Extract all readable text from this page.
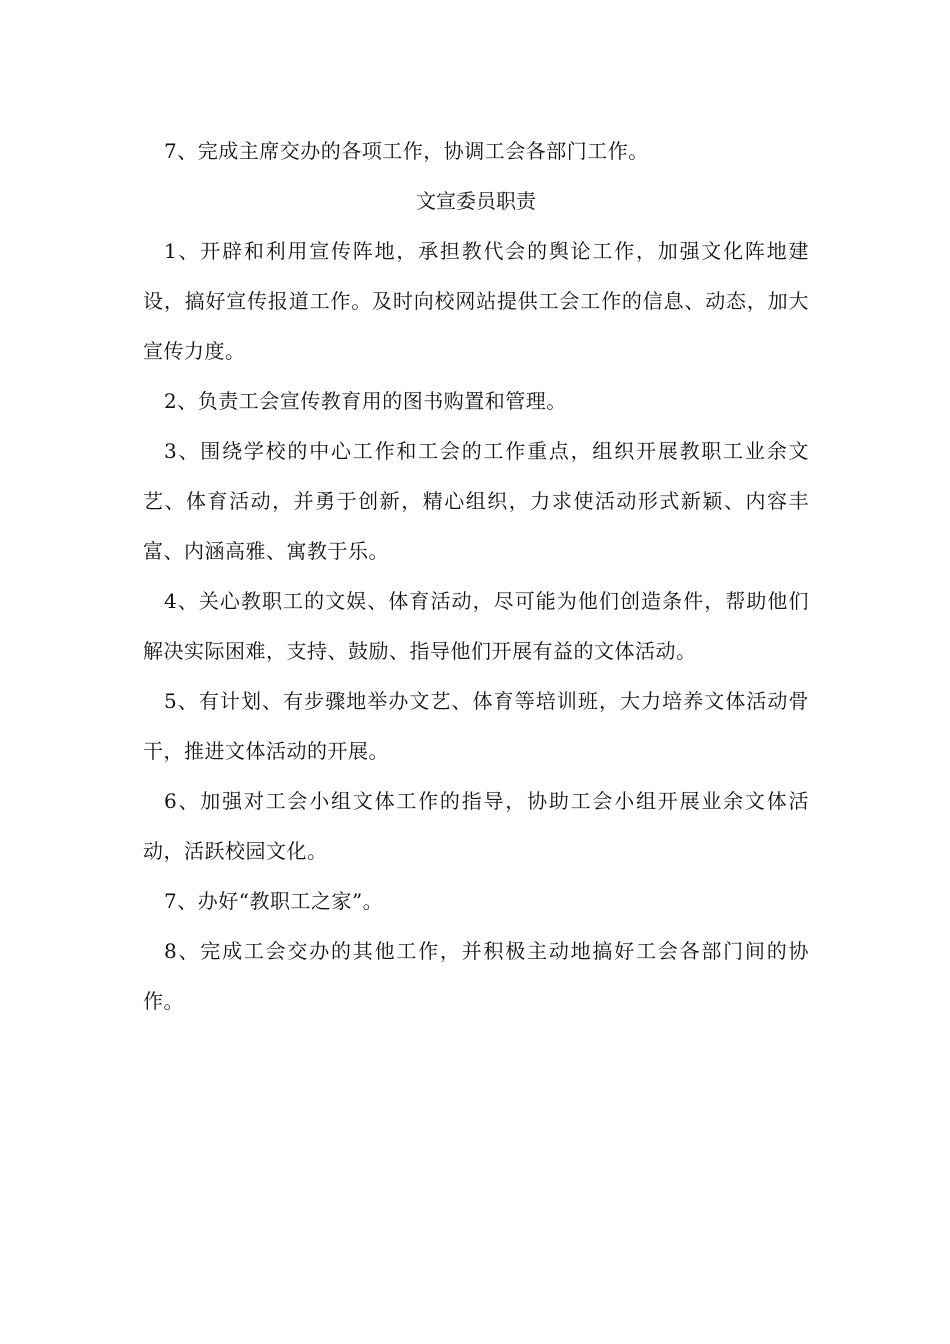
7、完成主席交办的各项工作，协调工会各部门工作。

文宣委员职责

1、开辟和利用宣传阵地，承担教代会的舆论工作，加强文化阵地建设，搞好宣传报道工作。及时向校网站提供工会工作的信息、动态，加大宣传力度。

2、负责工会宣传教育用的图书购置和管理。

3、围绕学校的中心工作和工会的工作重点，组织开展教职工业余文艺、体育活动，并勇于创新，精心组织，力求使活动形式新颖、内容丰富、内涵高雅、寓教于乐。

4、关心教职工的文娱、体育活动，尽可能为他们创造条件，帮助他们解决实际困难，支持、鼓励、指导他们开展有益的文体活动。

5、有计划、有步骤地举办文艺、体育等培训班，大力培养文体活动骨干，推进文体活动的开展。

6、加强对工会小组文体工作的指导，协助工会小组开展业余文体活动，活跃校园文化。

7、办好“教职工之家”。

8、完成工会交办的其他工作，并积极主动地搞好工会各部门间的协作。
